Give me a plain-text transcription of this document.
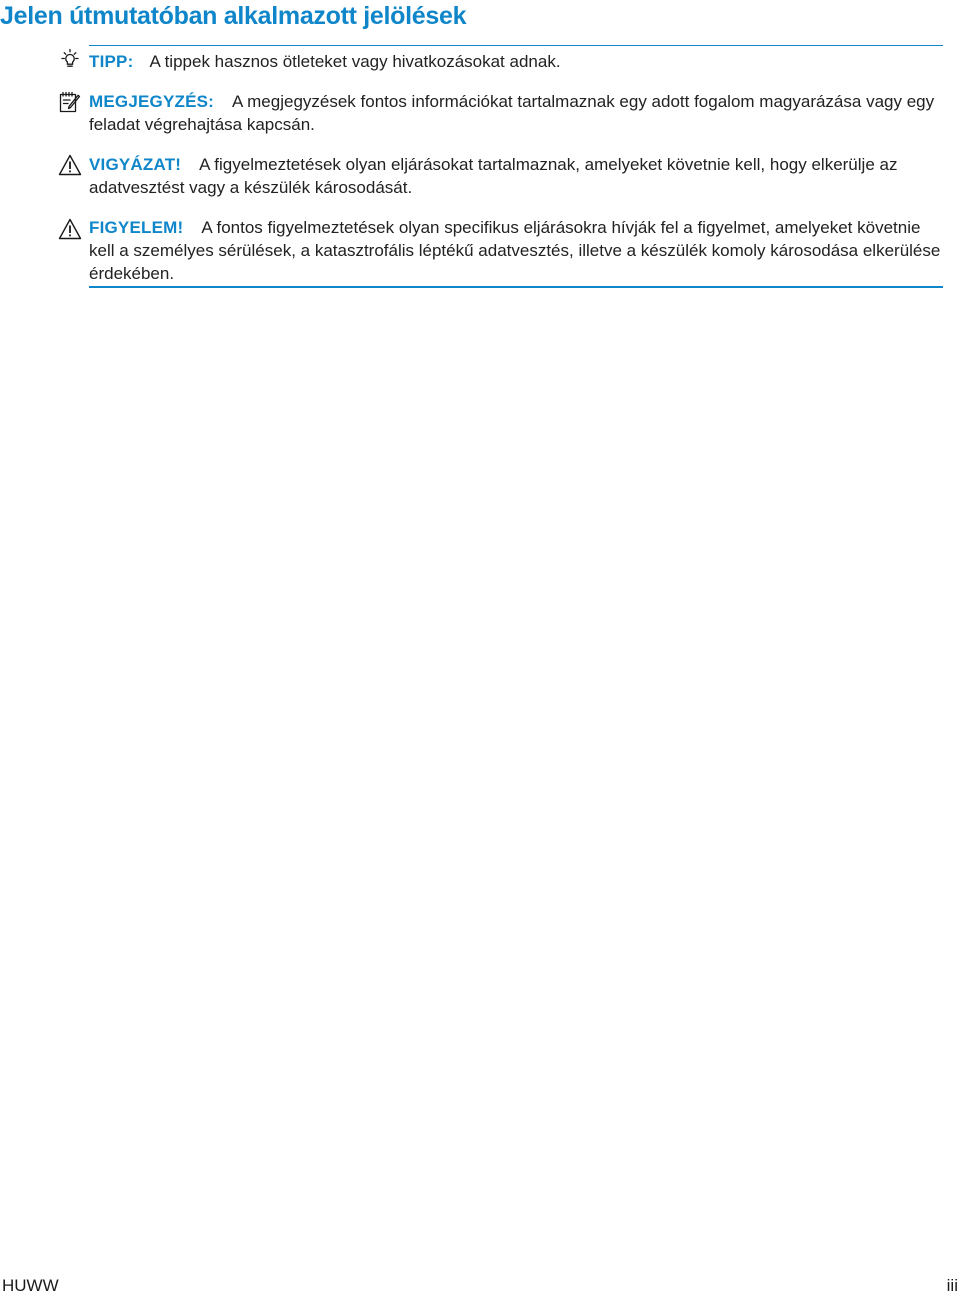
Jelen útmutatóban alkalmazott jelölések
TIPP: A tippek hasznos ötleteket vagy hivatkozásokat adnak.
MEGJEGYZÉS: A megjegyzések fontos információkat tartalmaznak egy adott fogalom magyarázása vagy egy feladat végrehajtása kapcsán.
VIGYÁZAT! A figyelmeztetések olyan eljárásokat tartalmaznak, amelyeket követnie kell, hogy elkerülje az adatvesztést vagy a készülék károsodását.
FIGYELEM! A fontos figyelmeztetések olyan specifikus eljárásokra hívják fel a figyelmet, amelyeket követnie kell a személyes sérülések, a katasztrofális léptékű adatvesztés, illetve a készülék komoly károsodása elkerülése érdekében.
HUWW	iii
